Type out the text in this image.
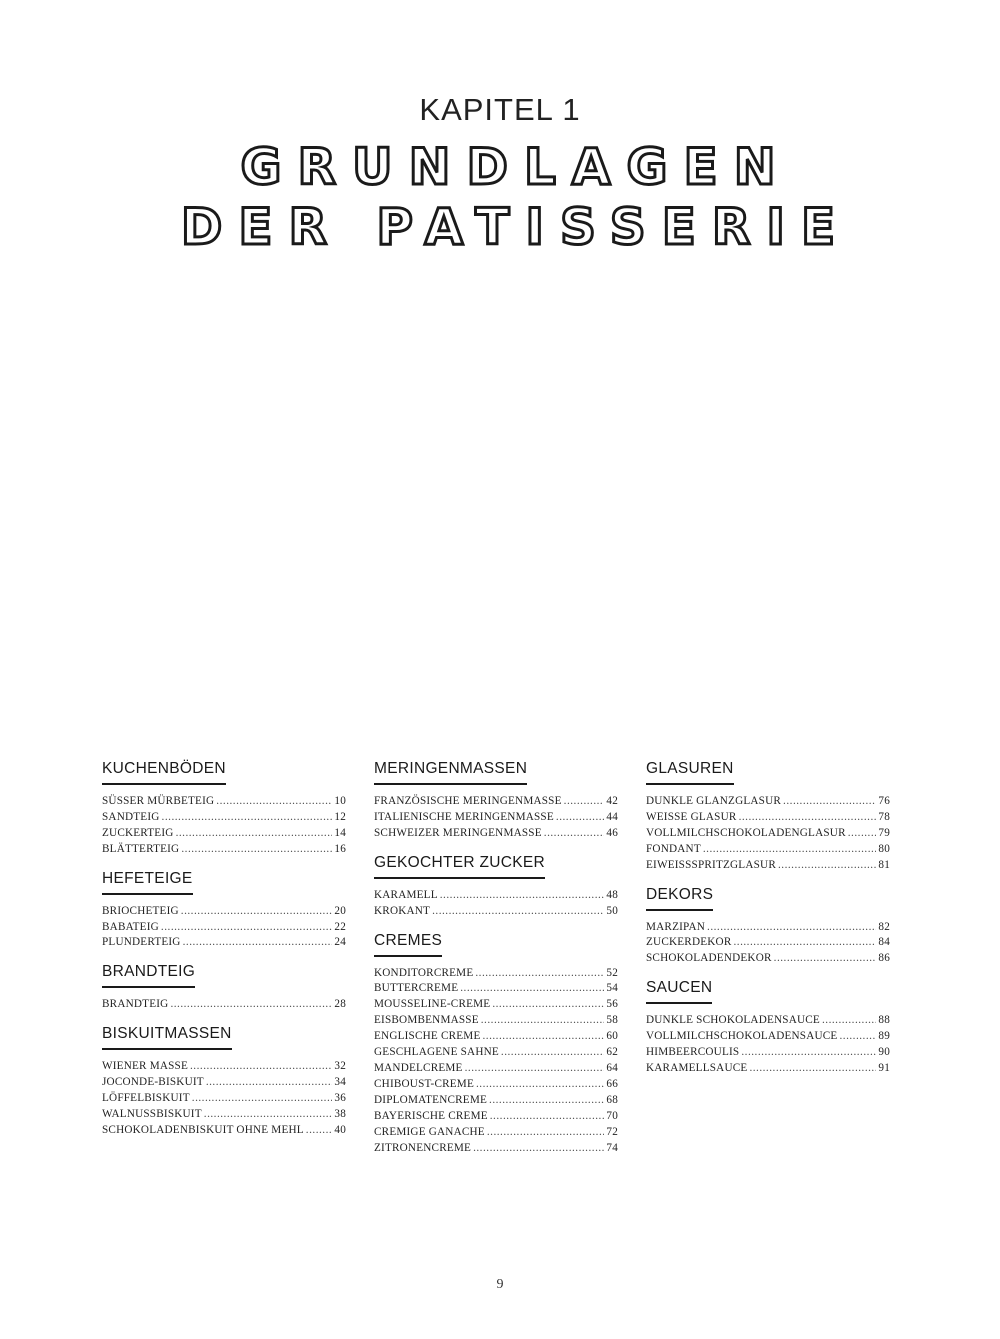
KAPITEL 1
GRUNDLAGEN
DER PATISSERIE
KUCHENBÖDEN
SÜSSER MÜRBETEIG .....	10
SANDTEIG .....	12
ZUCKERTEIG .....	14
BLÄTTERTEIG .....	16
HEFETEIGE
BRIOCHETEIG .....	20
BABATEIG .....	22
PLUNDERTEIG .....	24
BRANDTEIG
BRANDTEIG .....	28
BISKUITMASSEN
WIENER MASSE .....	32
JOCONDE-BISKUIT .....	34
LÖFFELBISKUIT .....	36
WALNUSSBISKUIT .....	38
SCHOKOLADENBISKUIT OHNE MEHL .....	40
MERINGENMASSEN
FRANZÖSISCHE MERINGENMASSE .....	42
ITALIENISCHE MERINGENMASSE .....	44
SCHWEIZER MERINGENMASSE .....	46
GEKOCHTER ZUCKER
KARAMELL .....	48
KROKANT .....	50
CREMES
KONDITORCREME .....	52
BUTTERCREME .....	54
MOUSSELINE-CREME .....	56
EISBOMBENMASSE .....	58
ENGLISCHE CREME .....	60
GESCHLAGENE SAHNE .....	62
MANDELCREME .....	64
CHIBOUST-CREME .....	66
DIPLOMATENCREME .....	68
BAYERISCHE CREME .....	70
CREMIGE GANACHE .....	72
ZITRONENCREME .....	74
GLASUREN
DUNKLE GLANZGLASUR .....	76
WEISSE GLASUR .....	78
VOLLMILCHSCHOKOLADENGLASUR .....	79
FONDANT .....	80
EIWEISSSPRITZGLASUR .....	81
DEKORS
MARZIPAN .....	82
ZUCKERDEKOR .....	84
SCHOKOLADENDEKOR .....	86
SAUCEN
DUNKLE SCHOKOLADENSAUCE .....	88
VOLLMILCHSCHOKOLADENSAUCE .....	89
HIMBEERCOULIS .....	90
KARAMELLSAUCE .....	91
9
